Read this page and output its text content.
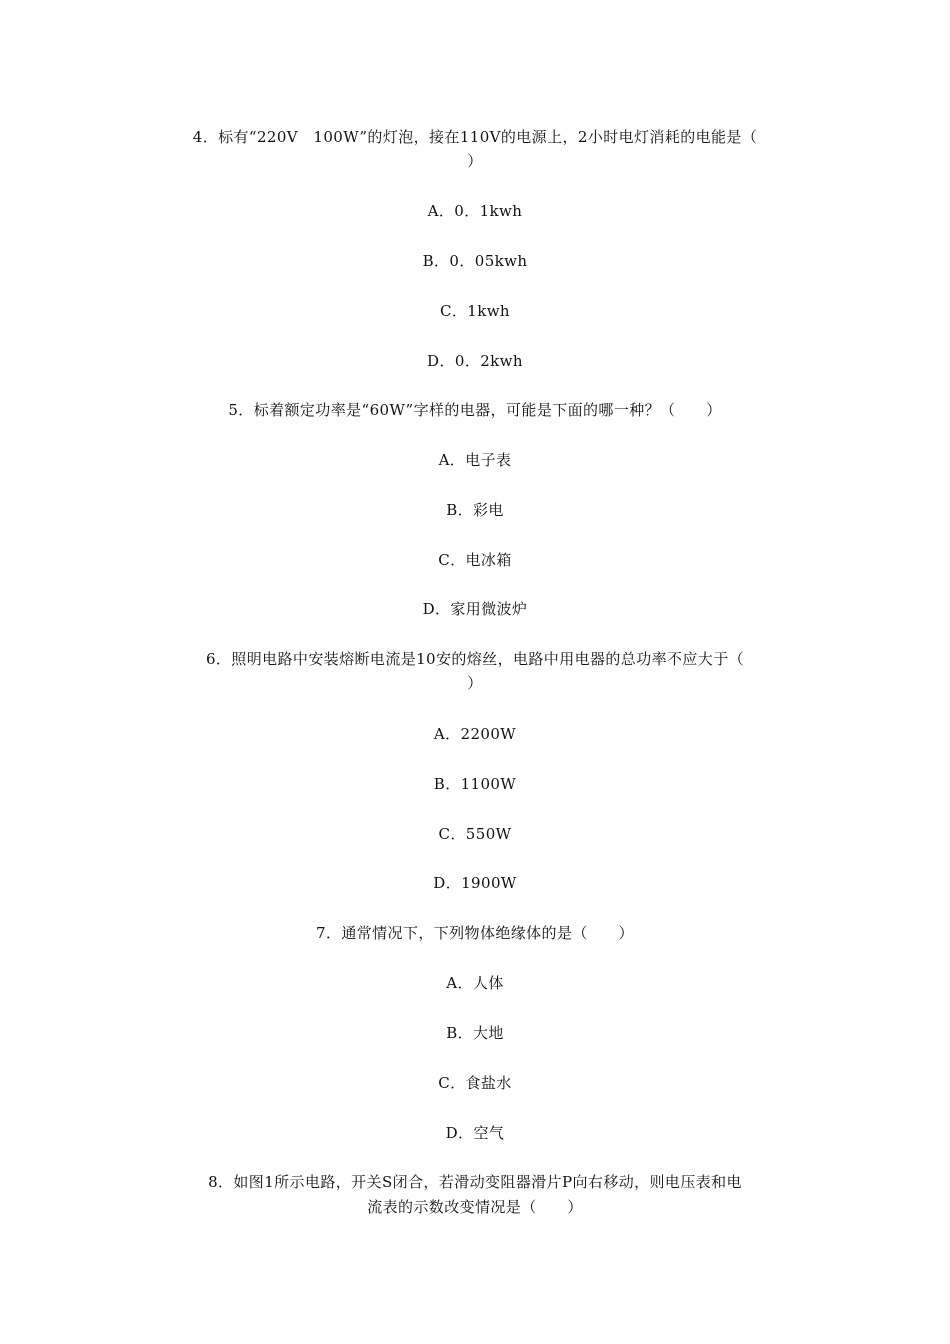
4．标有“220V　100W”的灯泡，接在110V的电源上，2小时电灯消耗的电能是（
）
A．0．1kwh
B．0．05kwh
C．1kwh
D．0．2kwh
5．标着额定功率是“60W”字样的电器，可能是下面的哪一种？（　　）
A．电子表
B．彩电
C．电冰箱
D．家用微波炉
6．照明电路中安装熔断电流是10安的熔丝，电路中用电器的总功率不应大于（
）
A．2200W
B．1100W
C．550W
D．1900W
7．通常情况下，下列物体绝缘体的是（　　）
A．人体
B．大地
C．食盐水
D．空气
8．如图1所示电路，开关S闭合，若滑动变阻器滑片P向右移动，则电压表和电
流表的示数改变情况是（　　）
